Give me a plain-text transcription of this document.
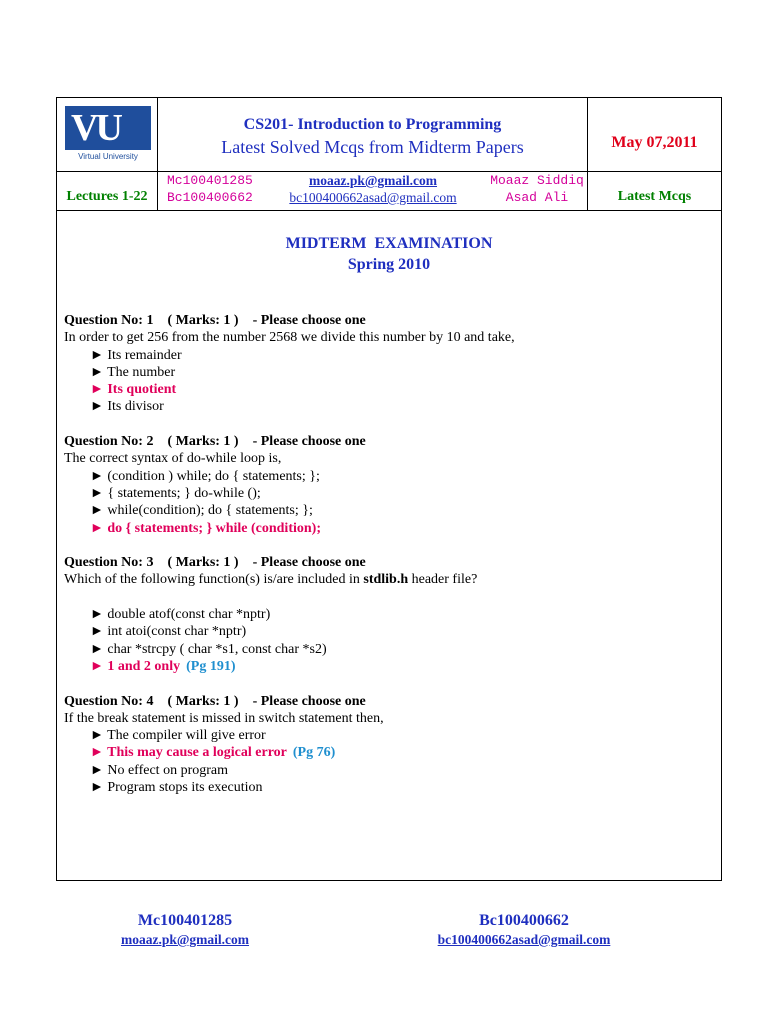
VU
Virtual University
CS201- Introduction to Programming
Latest Solved Mcqs from Midterm Papers	May 07,2011
Lectures 1-22
Mc100401285
Bc100400662
moaaz.pk@gmail.com
bc100400662asad@gmail.com
Moaaz Siddiq
Asad Ali	Latest Mcqs
MIDTERM  EXAMINATION
Spring 2010
Question No: 1    ( Marks: 1 )    - Please choose one
In order to get 256 from the number 2568 we divide this number by 10 and take,
► Its remainder
► The number
► Its quotient
► Its divisor
Question No: 2    ( Marks: 1 )    - Please choose one
The correct syntax of do-while loop is,
► (condition ) while; do { statements; };
► { statements; } do-while ();
► while(condition); do { statements; };
► do { statements; } while (condition);
Question No: 3    ( Marks: 1 )    - Please choose one
Which of the following function(s) is/are included in stdlib.h header file?
► double atof(const char *nptr)
► int atoi(const char *nptr)
► char *strcpy ( char *s1, const char *s2)
► 1 and 2 only (Pg 191)
Question No: 4    ( Marks: 1 )    - Please choose one
If the break statement is missed in switch statement then,
► The compiler will give error
► This may cause a logical error (Pg 76)
► No effect on program
► Program stops its execution
Mc100401285
moaaz.pk@gmail.com
Bc100400662
bc100400662asad@gmail.com
